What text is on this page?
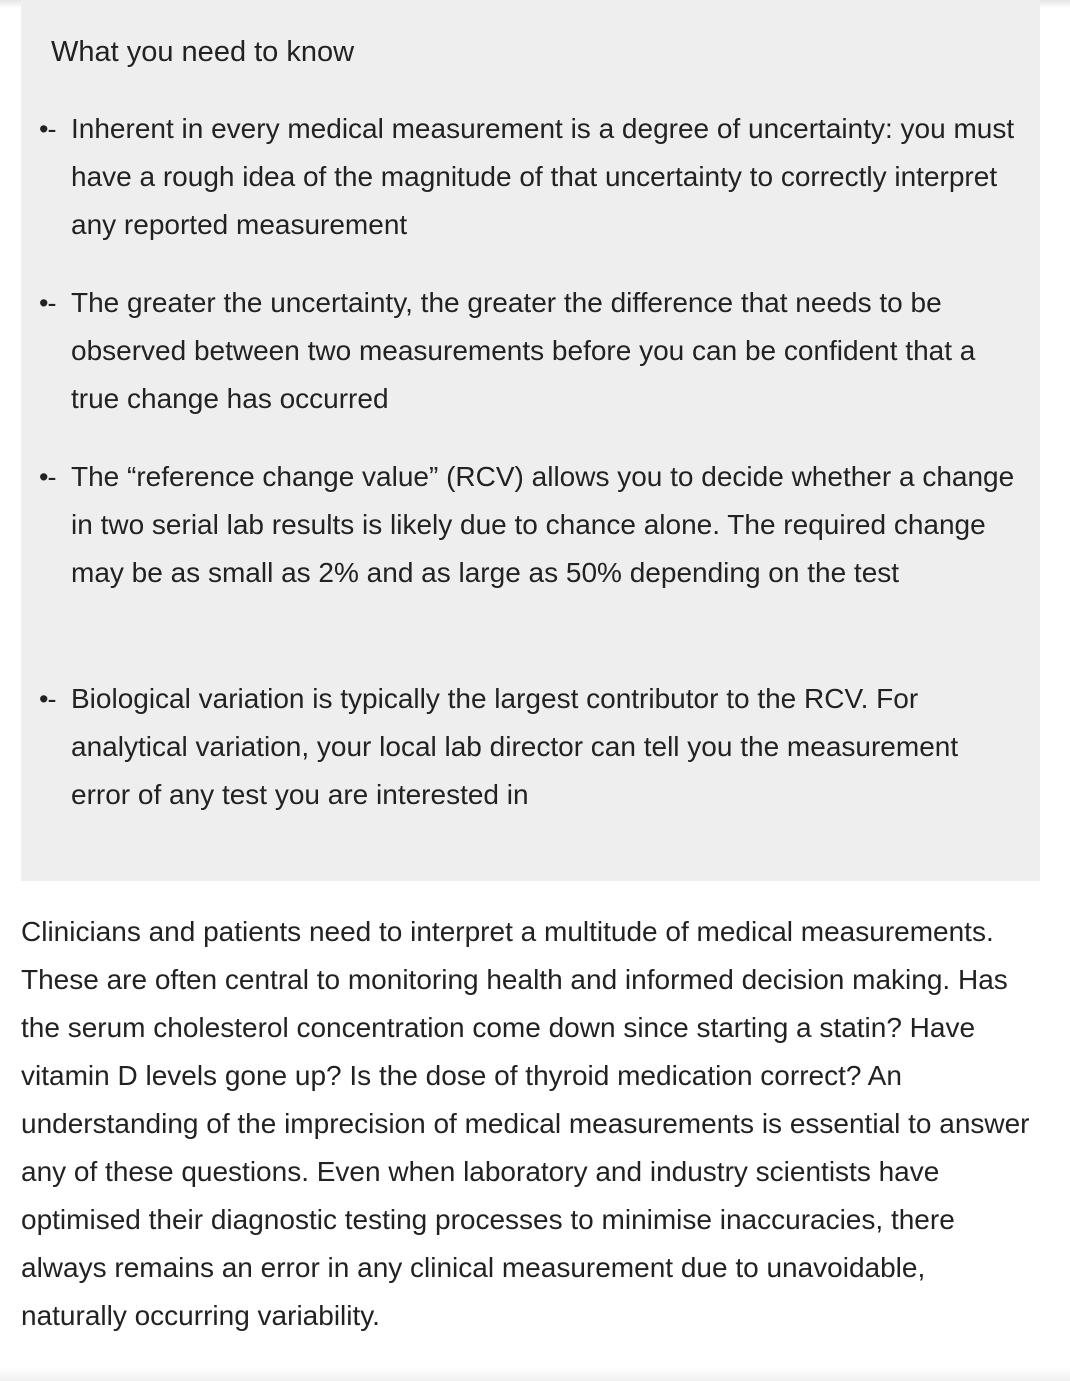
What you need to know
•- Inherent in every medical measurement is a degree of uncertainty: you must have a rough idea of the magnitude of that uncertainty to correctly interpret any reported measurement
•- The greater the uncertainty, the greater the difference that needs to be observed between two measurements before you can be confident that a true change has occurred
•- The “reference change value” (RCV) allows you to decide whether a change in two serial lab results is likely due to chance alone. The required change may be as small as 2% and as large as 50% depending on the test
•- Biological variation is typically the largest contributor to the RCV. For analytical variation, your local lab director can tell you the measurement error of any test you are interested in

Clinicians and patients need to interpret a multitude of medical measurements. These are often central to monitoring health and informed decision making. Has the serum cholesterol concentration come down since starting a statin? Have vitamin D levels gone up? Is the dose of thyroid medication correct? An understanding of the imprecision of medical measurements is essential to answer any of these questions. Even when laboratory and industry scientists have optimised their diagnostic testing processes to minimise inaccuracies, there always remains an error in any clinical measurement due to unavoidable, naturally occurring variability.
